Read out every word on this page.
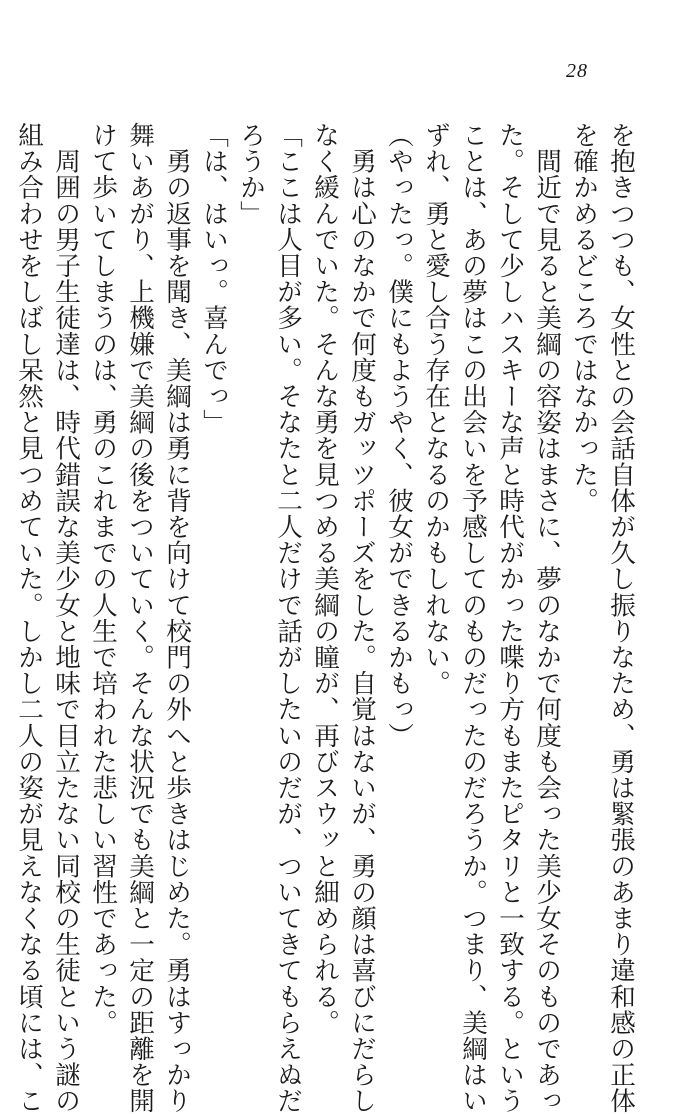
28
を抱きつつも、女性との会話自体が久し振りなため、勇は緊張のあまり違和感の正体
を確かめるどころではなかった。
　間近で見ると美綱の容姿はまさに、夢のなかで何度も会った美少女そのものであっ
た。そして少しハスキーな声と時代がかった喋り方もまたピタリと一致する。という
ことは、あの夢はこの出会いを予感してのものだったのだろうか。つまり、美綱はい
ずれ、勇と愛し合う存在となるのかもしれない。
（やったっ。僕にもようやく、彼女ができるかもっ）
　勇は心のなかで何度もガッツポーズをした。自覚はないが、勇の顔は喜びにだらし
なく緩んでいた。そんな勇を見つめる美綱の瞳が、再びスウッと細められる。
「ここは人目が多い。そなたと二人だけで話がしたいのだが、ついてきてもらえぬだ
ろうか」
「は、はいっ。喜んでっ」
　勇の返事を聞き、美綱は勇に背を向けて校門の外へと歩きはじめた。勇はすっかり
舞いあがり、上機嫌で美綱の後をついていく。そんな状況でも美綱と一定の距離を開
けて歩いてしまうのは、勇のこれまでの人生で培われた悲しい習性であった。
　周囲の男子生徒達は、時代錯誤な美少女と地味で目立たない同校の生徒という謎の
組み合わせをしばし呆然と見つめていた。しかし二人の姿が見えなくなる頃には、こ
